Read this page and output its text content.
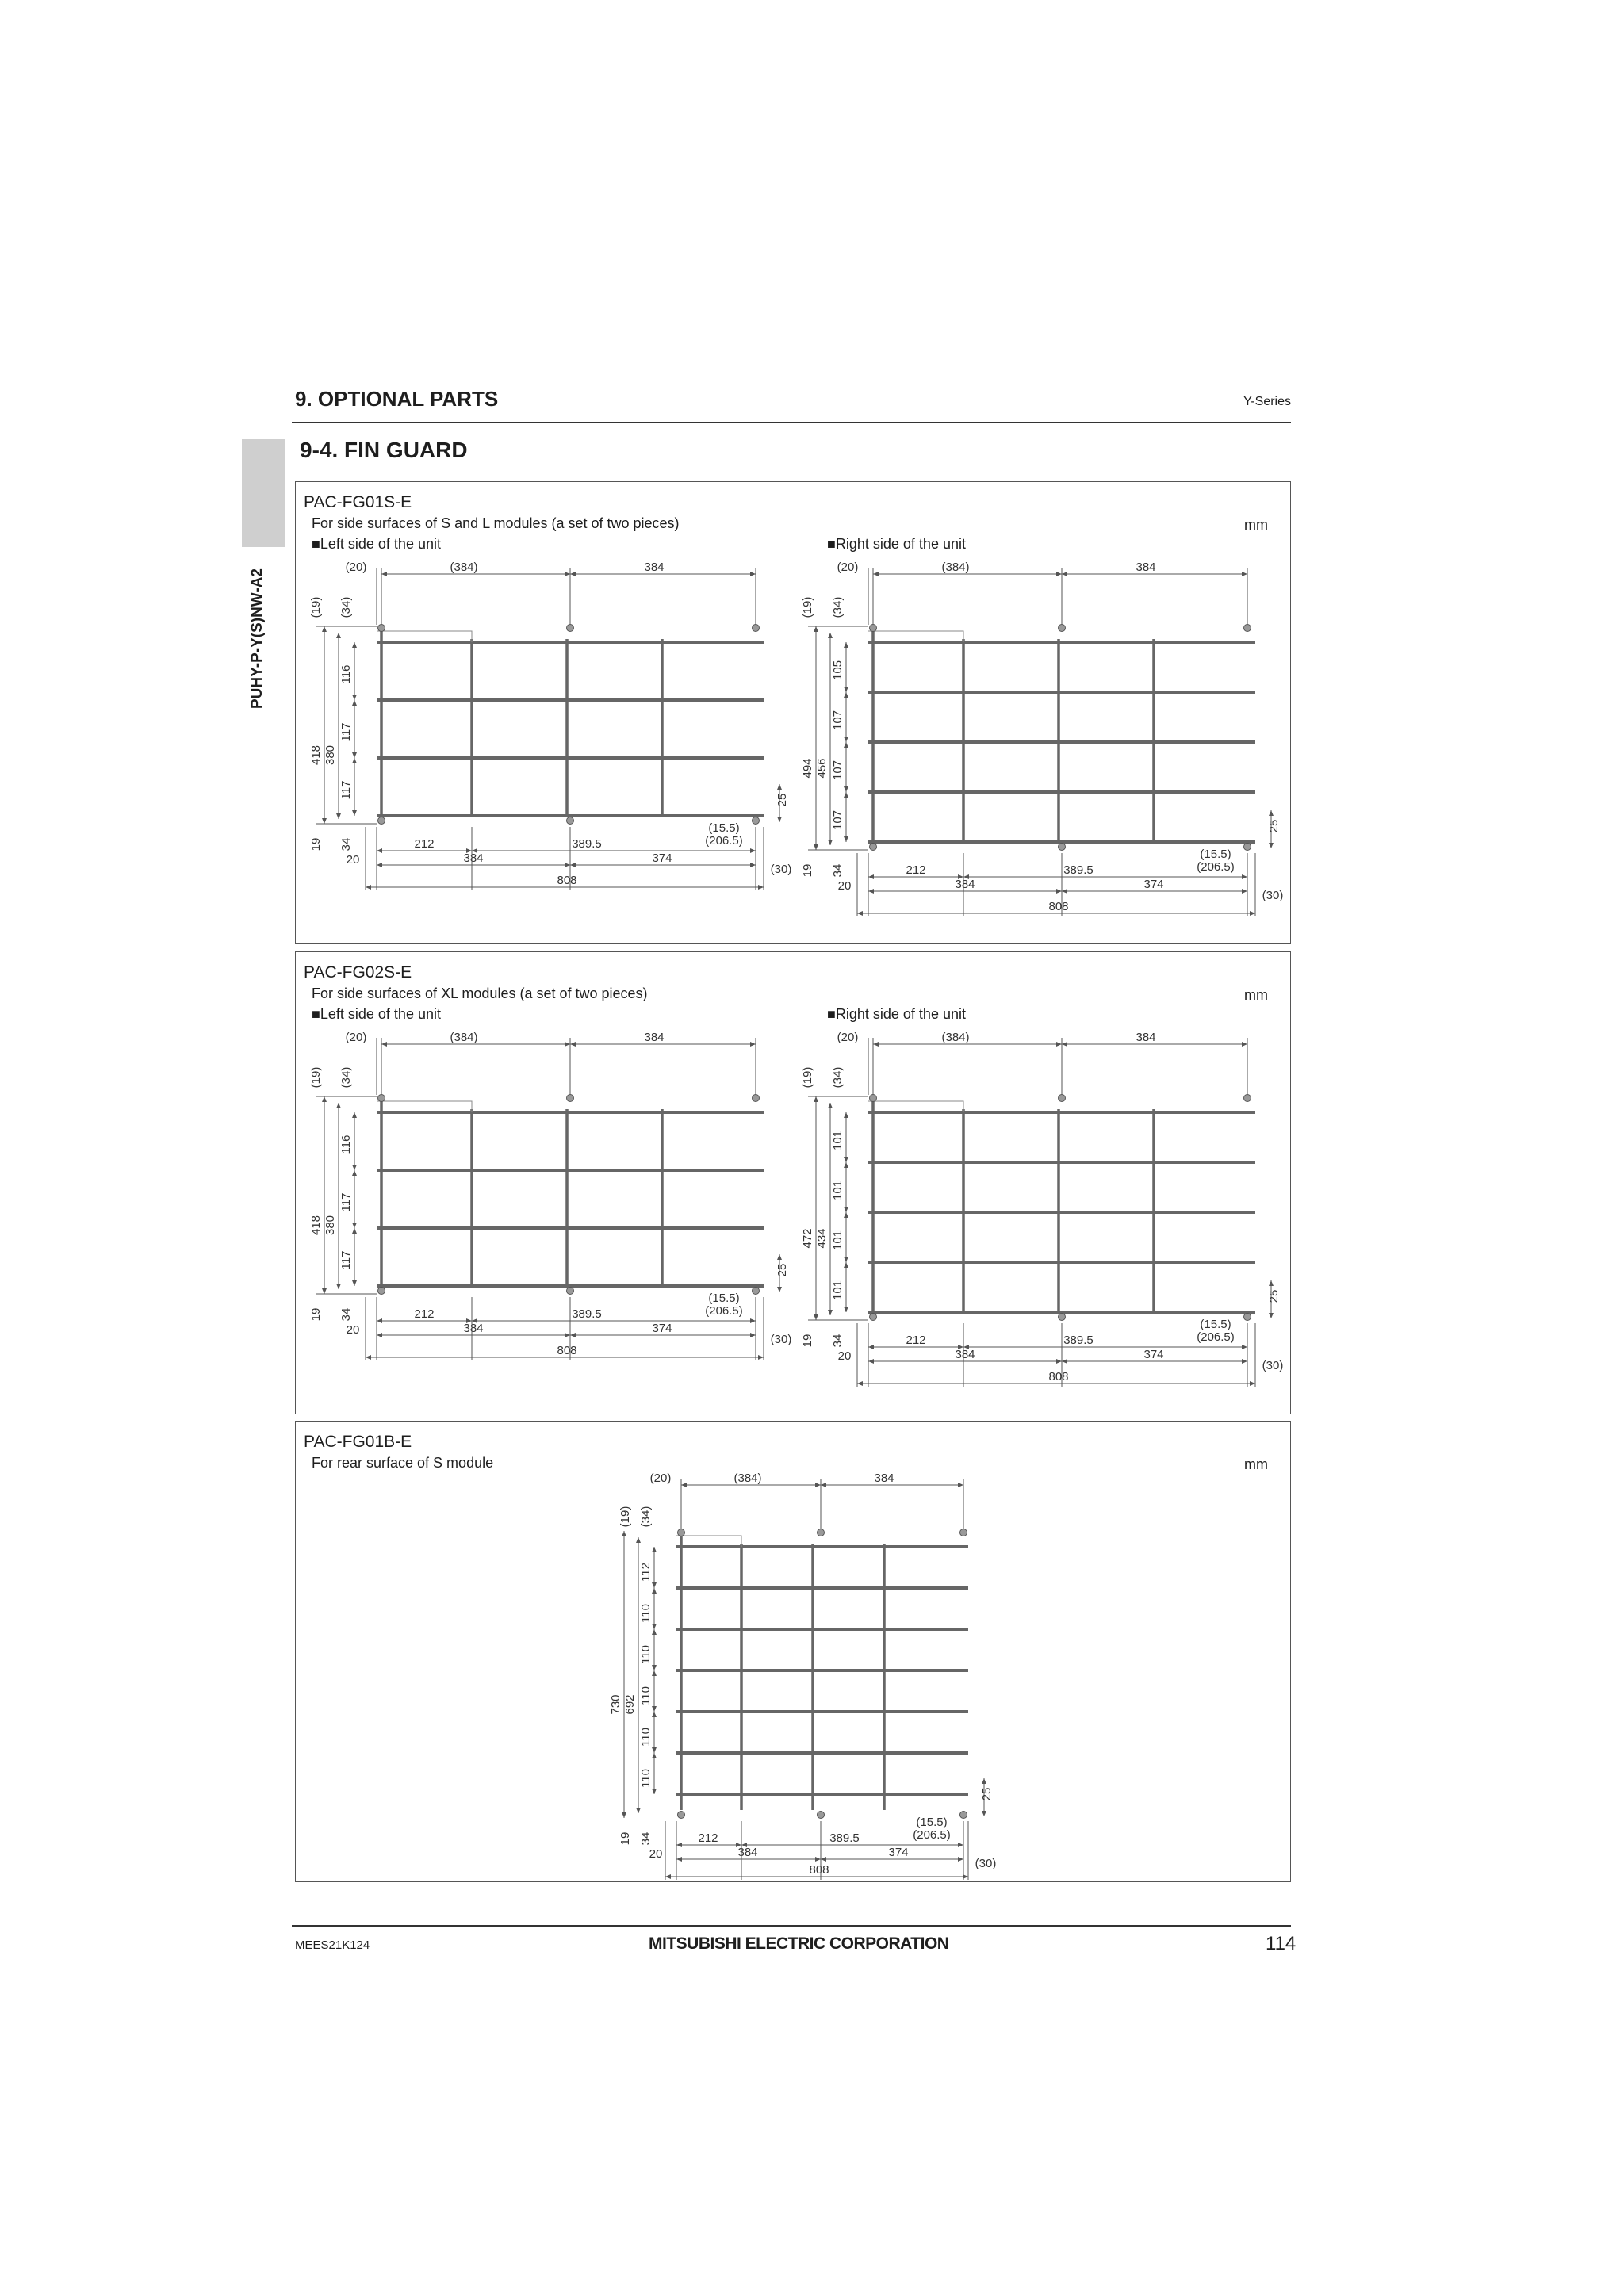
9. OPTIONAL PARTS	Y-Series
PUHY-P-Y(S)NW-A2
9-4. FIN GUARD
PAC-FG01S-E
For side surfaces of S and L modules (a set of two pieces)	mm
■Left side of the unit	■Right side of the unit
(20)	(384)	384
(19) (34)
116
117
117
418 380
19 34
25
212	389.5
(15.5)
(206.5)
20	384	374
(30)
808
(20)	(384)	384
(19) (34)
105
107
107
107
494 456
19 34
25
212	389.5
(15.5)
(206.5)
20	384	374
(30)
808
PAC-FG02S-E
For side surfaces of XL modules (a set of two pieces)	mm
■Left side of the unit	■Right side of the unit
(20)	(384)	384
(19) (34)
116
117
117
418 380
19 34
25
212	389.5
(15.5)
(206.5)
20	384	374
(30)
808
(20)	(384)	384
(19) (34)
101
101
101
101
472 434
19 34
25
212	389.5
(15.5)
(206.5)
20	384	374
(30)
808
PAC-FG01B-E
For rear surface of S module	mm
(20)	(384)	384
(19) (34)
112
110
110
110
110
110
730 692
19 34
25
212	389.5
(15.5)
(206.5)
20	384	374
(30)
808
MEES21K124	MITSUBISHI ELECTRIC CORPORATION	114
